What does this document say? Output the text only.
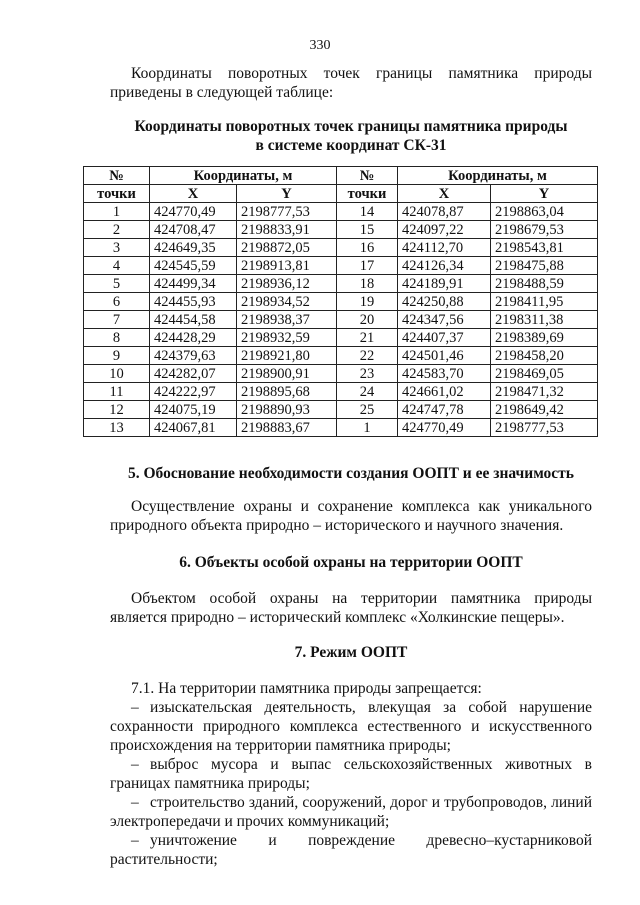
330
Координаты поворотных точек границы памятника природы приведены в следующей таблице:
Координаты поворотных точек границы памятника природы
в системе координат СК-31
№	Координаты, м		№	Координаты, м	
точки	X	Y	точки	X	Y
1	424770,49	2198777,53	14	424078,87	2198863,04
2	424708,47	2198833,91	15	424097,22	2198679,53
3	424649,35	2198872,05	16	424112,70	2198543,81
4	424545,59	2198913,81	17	424126,34	2198475,88
5	424499,34	2198936,12	18	424189,91	2198488,59
6	424455,93	2198934,52	19	424250,88	2198411,95
7	424454,58	2198938,37	20	424347,56	2198311,38
8	424428,29	2198932,59	21	424407,37	2198389,69
9	424379,63	2198921,80	22	424501,46	2198458,20
10	424282,07	2198900,91	23	424583,70	2198469,05
11	424222,97	2198895,68	24	424661,02	2198471,32
12	424075,19	2198890,93	25	424747,78	2198649,42
13	424067,81	2198883,67	1	424770,49	2198777,53
5. Обоснование необходимости создания ООПТ и ее значимость
Осуществление охраны и сохранение комплекса как уникального природного объекта природно – исторического и научного значения.
6. Объекты особой охраны на территории ООПТ
Объектом особой охраны на территории памятника природы является природно – исторический комплекс «Холкинские пещеры».
7. Режим ООПТ
7.1. На территории памятника природы запрещается:
– изыскательская деятельность, влекущая за собой нарушение сохранности природного комплекса естественного и искусственного происхождения на территории памятника природы;
– выброс мусора и выпас сельскохозяйственных животных в границах памятника природы;
– строительство зданий, сооружений, дорог и трубопроводов, линий электропередачи и прочих коммуникаций;
– уничтожение и повреждение древесно–кустарниковой растительности;
